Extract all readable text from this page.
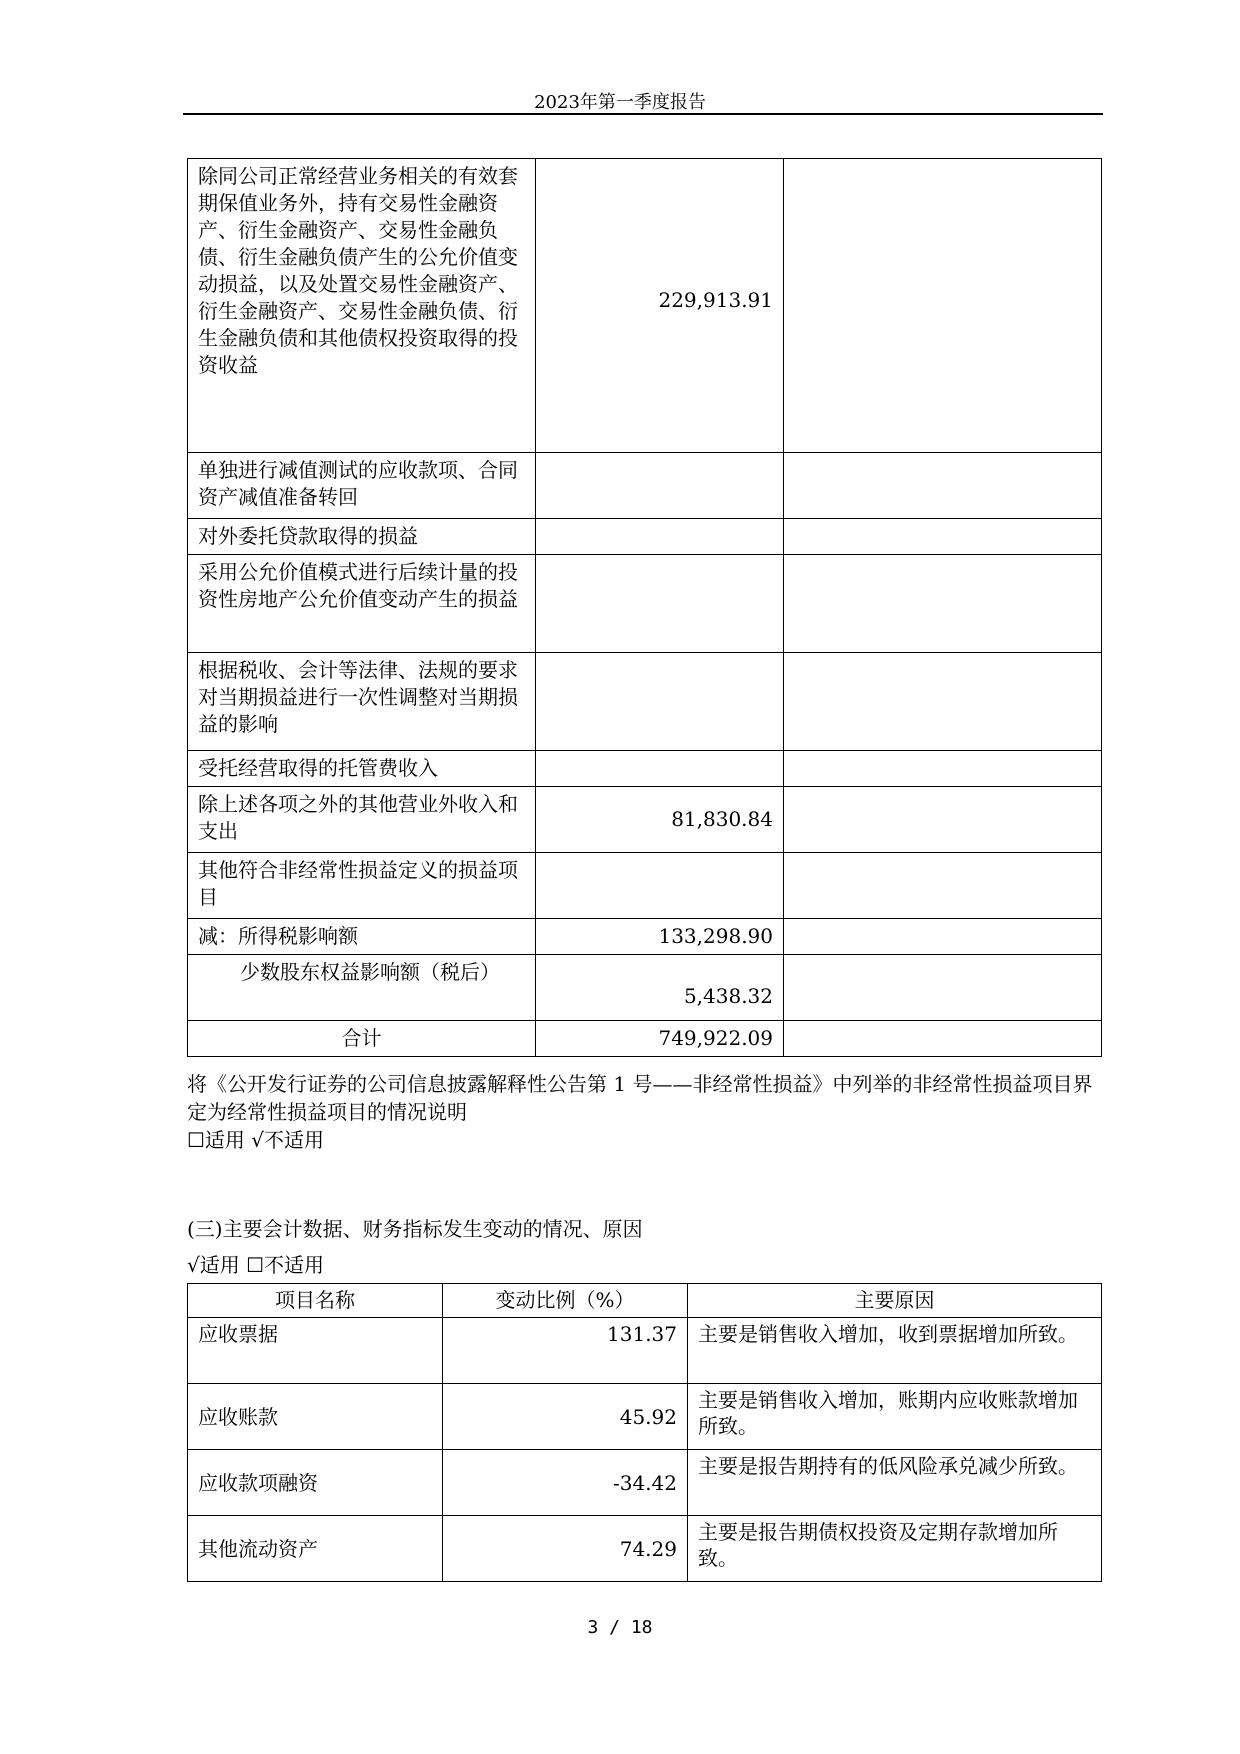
2023年第一季度报告
除同公司正常经营业务相关的有效套期保值业务外，持有交易性金融资产、衍生金融资产、交易性金融负债、衍生金融负债产生的公允价值变动损益，以及处置交易性金融资产、衍生金融资产、交易性金融负债、衍生金融负债和其他债权投资取得的投资收益	229,913.91	
单独进行减值测试的应收款项、合同资产减值准备转回		
对外委托贷款取得的损益		
采用公允价值模式进行后续计量的投资性房地产公允价值变动产生的损益		
根据税收、会计等法律、法规的要求对当期损益进行一次性调整对当期损益的影响		
受托经营取得的托管费收入		
除上述各项之外的其他营业外收入和支出	81,830.84	
其他符合非经常性损益定义的损益项目		
减：所得税影响额	133,298.90	
少数股东权益影响额（税后）	5,438.32	
合计	749,922.09	
将《公开发行证券的公司信息披露解释性公告第 1 号——非经常性损益》中列举的非经常性损益项目界定为经常性损益项目的情况说明
☐适用 √不适用
(三)主要会计数据、财务指标发生变动的情况、原因
√适用 ☐不适用
项目名称	变动比例（%）	主要原因
应收票据	131.37	主要是销售收入增加，收到票据增加所致。
应收账款	45.92	主要是销售收入增加，账期内应收账款增加所致。
应收款项融资	-34.42	主要是报告期持有的低风险承兑减少所致。
其他流动资产	74.29	主要是报告期债权投资及定期存款增加所致。
3 / 18
